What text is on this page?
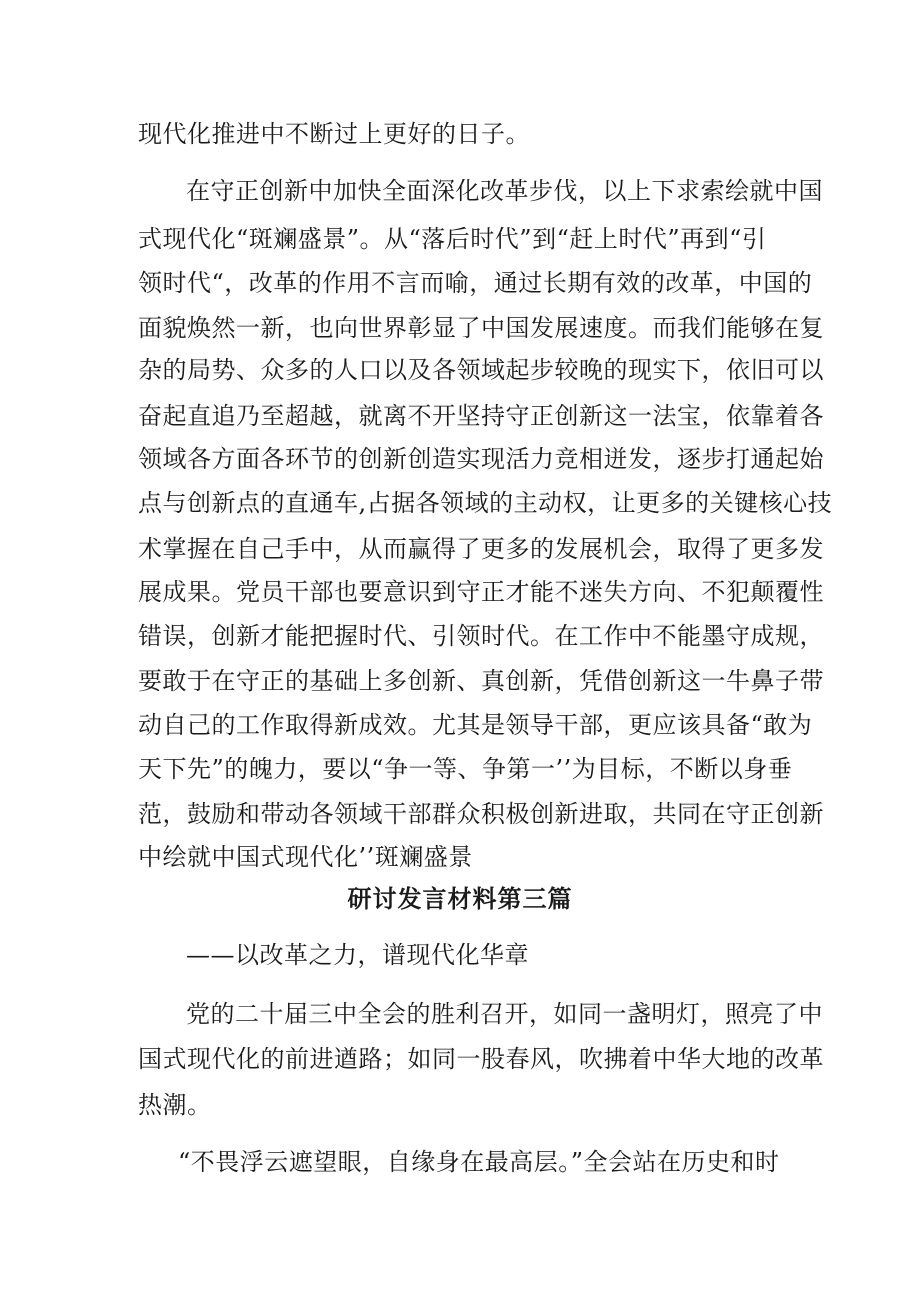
现代化推进中不断过上更好的日子。
在守正创新中加快全面深化改革步伐，以上下求索绘就中国
式现代化“斑斓盛景”。从“落后时代”到“赶上时代”再到“引
领时代“，改革的作用不言而喻，通过长期有效的改革，中国的
面貌焕然一新，也向世界彰显了中国发展速度。而我们能够在复
杂的局势、众多的人口以及各领域起步较晚的现实下，依旧可以
奋起直追乃至超越，就离不开坚持守正创新这一法宝，依靠着各
领域各方面各环节的创新创造实现活力竞相迸发，逐步打通起始
点与创新点的直通车,占据各领域的主动权，让更多的关键核心技
术掌握在自己手中，从而赢得了更多的发展机会，取得了更多发
展成果。党员干部也要意识到守正才能不迷失方向、不犯颠覆性
错误，创新才能把握时代、引领时代。在工作中不能墨守成规，
要敢于在守正的基础上多创新、真创新，凭借创新这一牛鼻子带
动自己的工作取得新成效。尤其是领导干部，更应该具备“敢为
天下先”的魄力，要以“争一等、争第一’’为目标，不断以身垂
范，鼓励和带动各领域干部群众积极创新进取，共同在守正创新
中绘就中国式现代化’’斑斓盛景
研讨发言材料第三篇
——以改革之力，谱现代化华章
党的二十届三中全会的胜利召开，如同一盏明灯，照亮了中
国式现代化的前进遒路；如同一股春风，吹拂着中华大地的改革
热潮。
“不畏浮云遮望眼，自缘身在最高层。”全会站在历史和时
